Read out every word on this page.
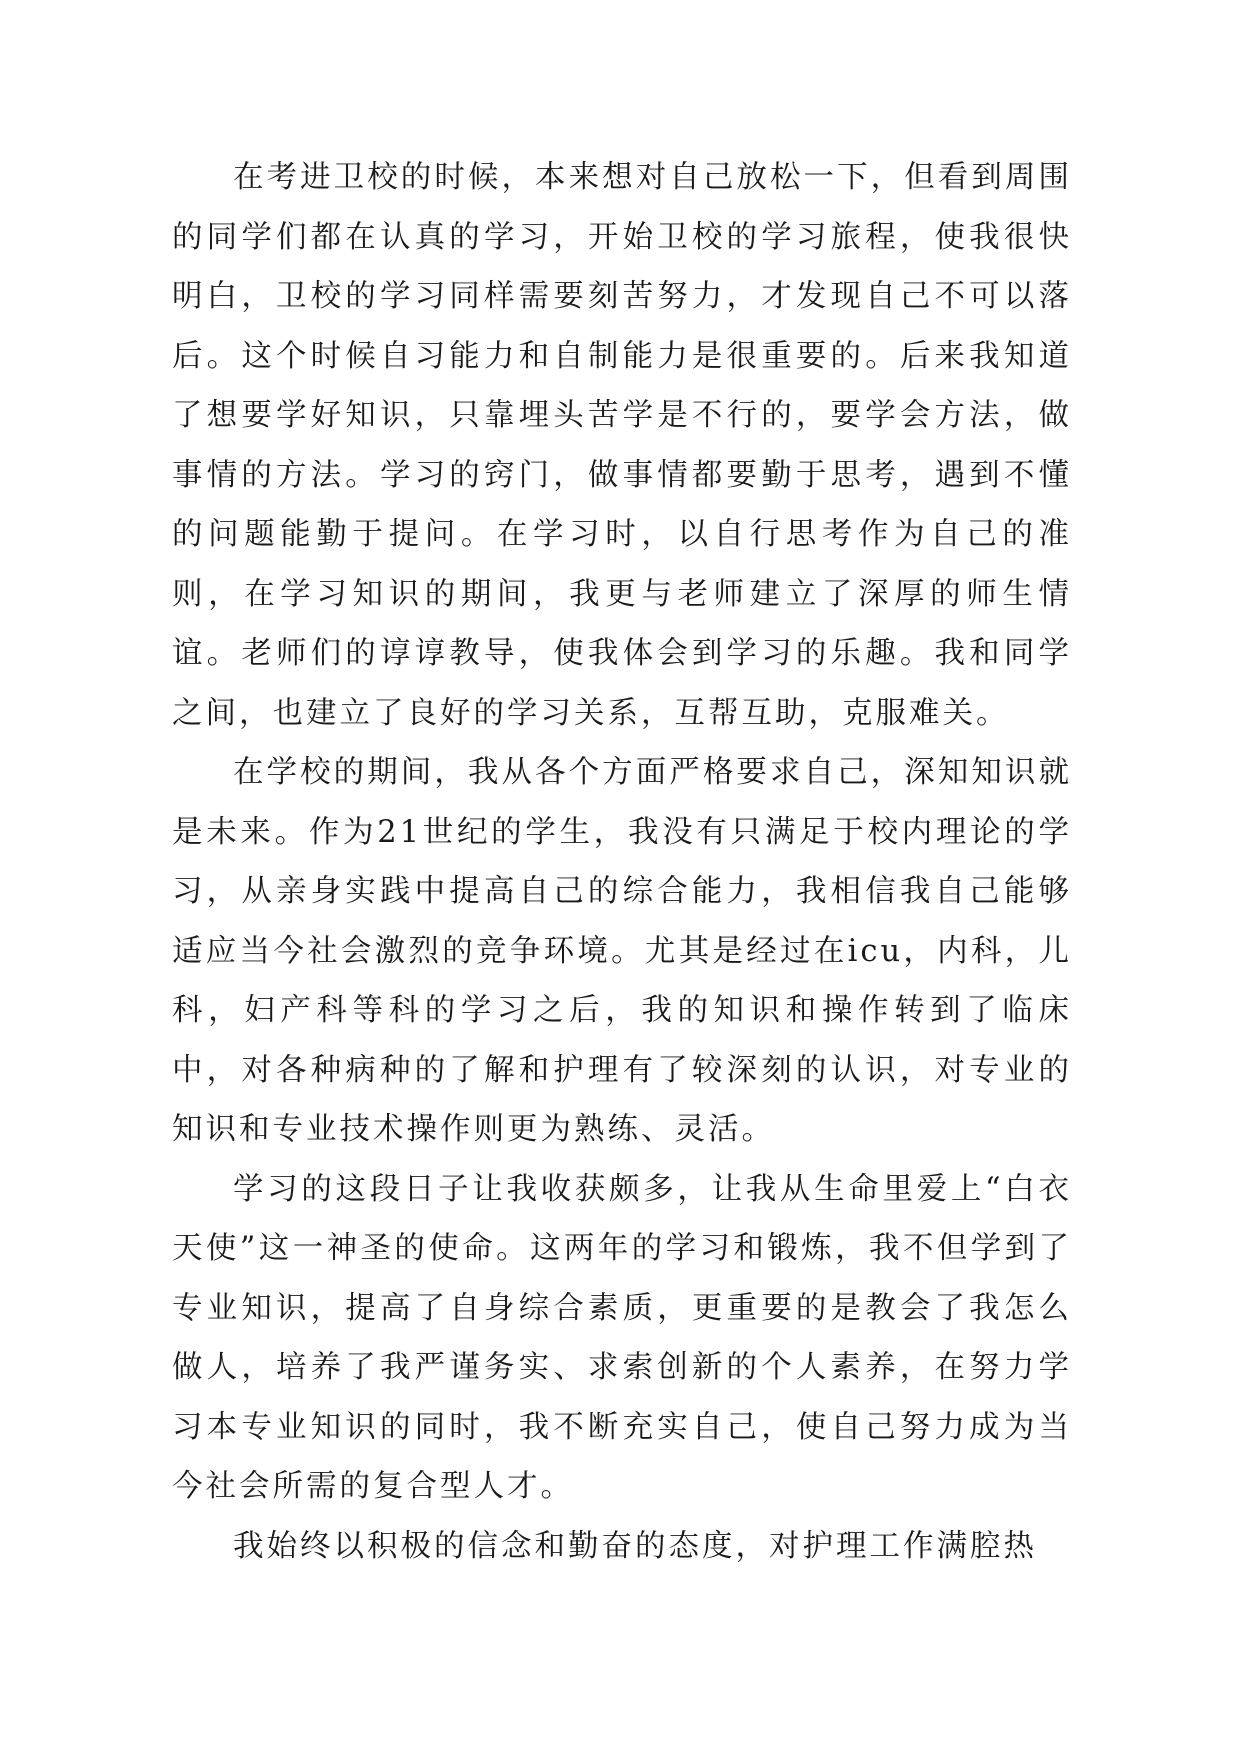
在考进卫校的时候，本来想对自己放松一下，但看到周围的同学们都在认真的学习，开始卫校的学习旅程，使我很快明白，卫校的学习同样需要刻苦努力，才发现自己不可以落后。这个时候自习能力和自制能力是很重要的。后来我知道了想要学好知识，只靠埋头苦学是不行的，要学会方法，做事情的方法。学习的窍门，做事情都要勤于思考，遇到不懂的问题能勤于提问。在学习时，以自行思考作为自己的准则，在学习知识的期间，我更与老师建立了深厚的师生情谊。老师们的谆谆教导，使我体会到学习的乐趣。我和同学之间，也建立了良好的学习关系，互帮互助，克服难关。

在学校的期间，我从各个方面严格要求自己，深知知识就是未来。作为21世纪的学生，我没有只满足于校内理论的学习，从亲身实践中提高自己的综合能力，我相信我自己能够适应当今社会激烈的竞争环境。尤其是经过在icu，内科，儿科，妇产科等科的学习之后，我的知识和操作转到了临床中，对各种病种的了解和护理有了较深刻的认识，对专业的知识和专业技术操作则更为熟练、灵活。

学习的这段日子让我收获颇多，让我从生命里爱上“白衣天使”这一神圣的使命。这两年的学习和锻炼，我不但学到了专业知识，提高了自身综合素质，更重要的是教会了我怎么做人，培养了我严谨务实、求索创新的个人素养，在努力学习本专业知识的同时，我不断充实自己，使自己努力成为当今社会所需的复合型人才。

我始终以积极的信念和勤奋的态度，对护理工作满腔热
